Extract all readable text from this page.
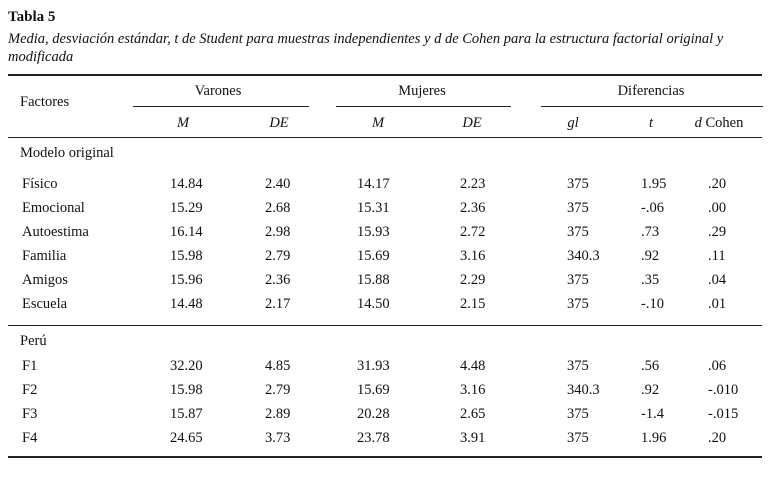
Tabla 5
Media, desviación estándar, t de Student para muestras independientes y d de Cohen para la estructura factorial original y modificada
Factores
Varones	Mujeres	Diferencias
M	DE	M	DE	gl	t	d Cohen
Modelo original
Físico	14.84	2.40	14.17	2.23	375	1.95	.20
Emocional	15.29	2.68	15.31	2.36	375	-.06	.00
Autoestima	16.14	2.98	15.93	2.72	375	.73	.29
Familia	15.98	2.79	15.69	3.16	340.3	.92	.11
Amigos	15.96	2.36	15.88	2.29	375	.35	.04
Escuela	14.48	2.17	14.50	2.15	375	-.10	.01
Perú
F1	32.20	4.85	31.93	4.48	375	.56	.06
F2	15.98	2.79	15.69	3.16	340.3	.92	-.010
F3	15.87	2.89	20.28	2.65	375	-1.4	-.015
F4	24.65	3.73	23.78	3.91	375	1.96	.20
